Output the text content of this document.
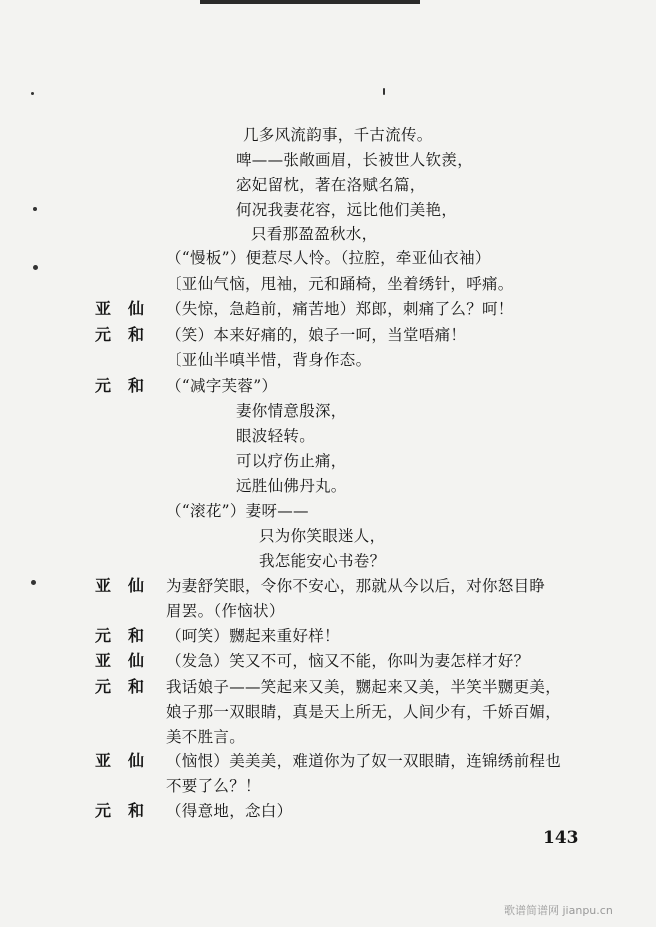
亚仙
元和
元和
亚仙
元和
亚仙
元和
亚仙
元和
几多风流韵事，千古流传。
啤——张敞画眉，长被世人钦羡，
宓妃留枕，著在洛赋名篇，
何况我妻花容，远比他们美艳，
只看那盈盈秋水，
（“慢板”）便惹尽人怜。（拉腔，牵亚仙衣袖）
〔亚仙气恼，甩袖，元和踊椅，坐着绣针，呼痛。
（失惊，急趋前，痛苦地）郑郎，刺痛了么？呵！
（笑）本来好痛的，娘子一呵，当堂唔痛！
〔亚仙半嗔半惜，背身作态。
（“减字芙蓉”）
妻你情意殷深，
眼波轻转。
可以疗伤止痛，
远胜仙佛丹丸。
（“滚花”）妻呀——
只为你笑眼迷人，
我怎能安心书卷？
为妻舒笑眼，令你不安心，那就从今以后，对你怒目睁
眉罢。（作恼状）
（呵笑）嬲起来重好样！
（发急）笑又不可，恼又不能，你叫为妻怎样才好？
我话娘子——笑起来又美，嬲起来又美，半笑半嬲更美，
娘子那一双眼睛，真是天上所无，人间少有，千娇百媚，
美不胜言。
（恼恨）美美美，难道你为了奴一双眼睛，连锦绣前程也
不要了么？！
（得意地，念白）
143
歌谱简谱网 jianpu.cn
